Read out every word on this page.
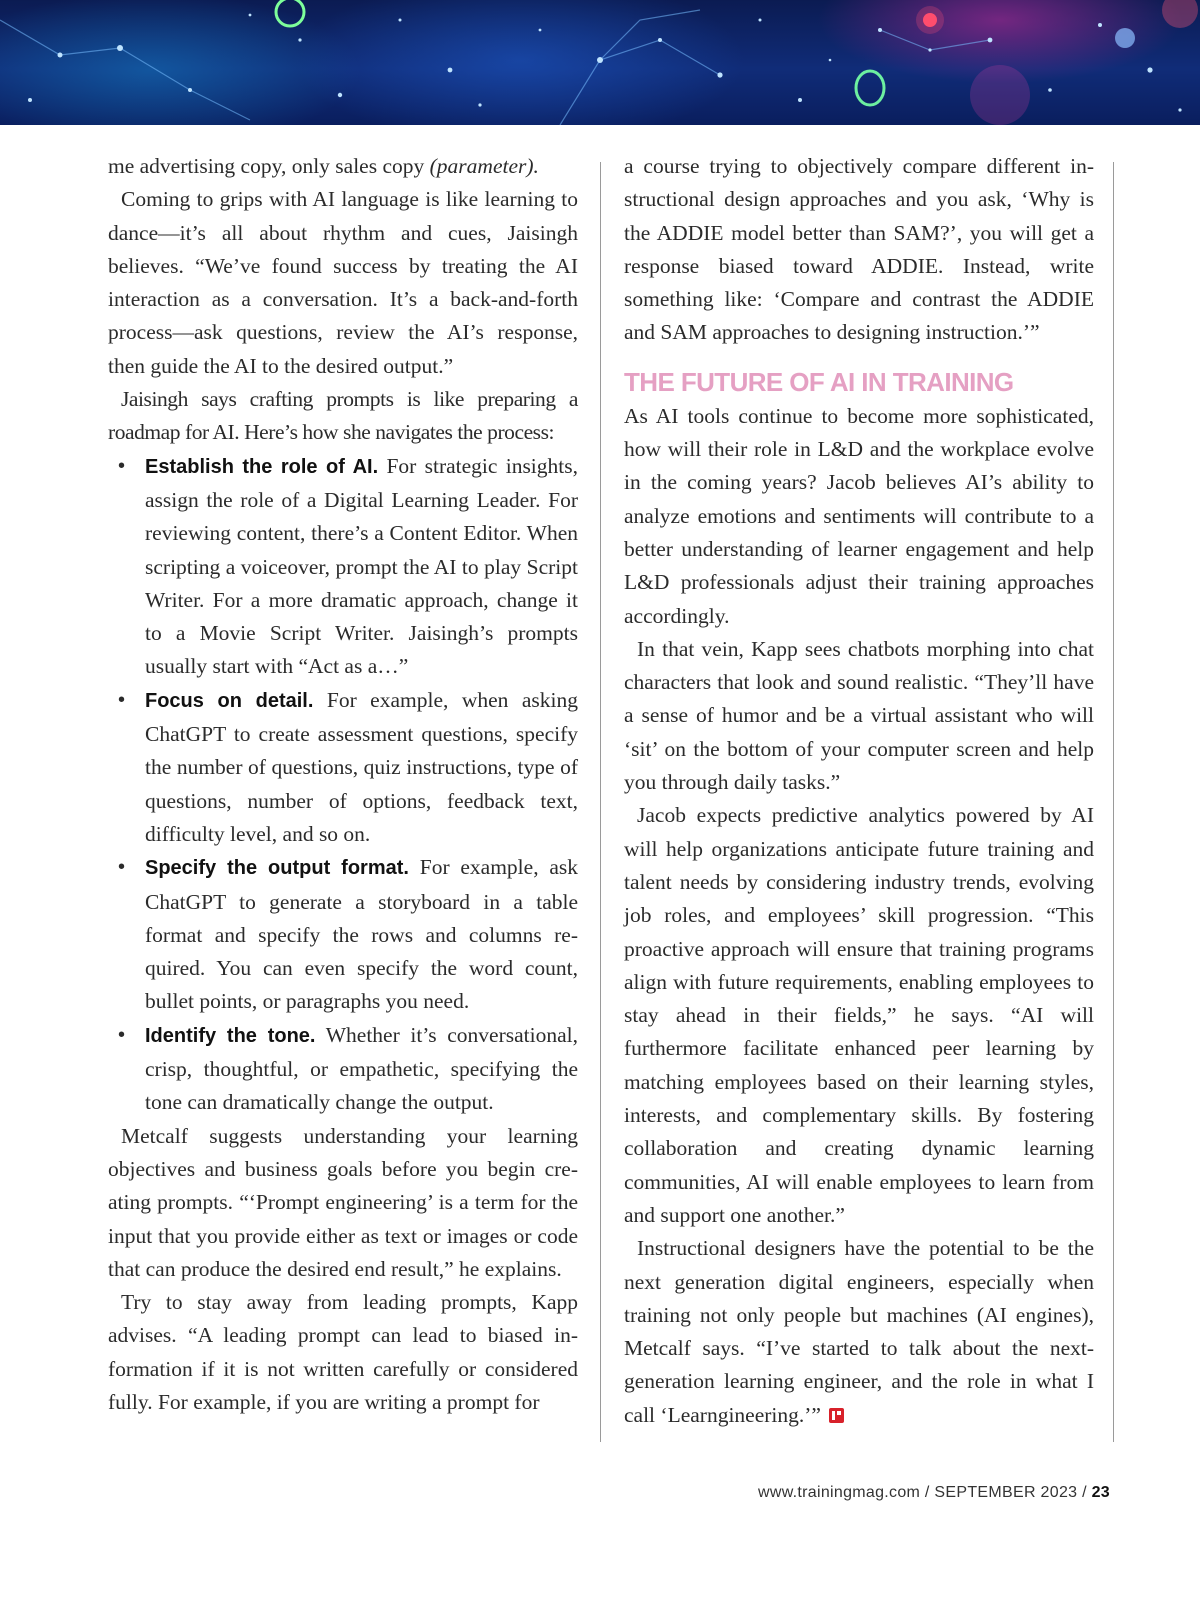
me advertising copy, only sales copy (parameter).

Coming to grips with AI language is like learning to dance—it’s all about rhythm and cues, Jaisingh believes. “We’ve found success by treating the AI interaction as a conversation. It’s a back-and-forth process—ask questions, review the AI’s response, then guide the AI to the desired output.”

Jaisingh says crafting prompts is like preparing a roadmap for AI. Here’s how she navigates the process:

• Establish the role of AI. For strategic insights, assign the role of a Digital Learning Leader. For reviewing content, there’s a Content Editor. When scripting a voiceover, prompt the AI to play Script Writer. For a more dramatic approach, change it to a Movie Script Writer. Jaisingh’s prompts usually start with “Act as a…”
• Focus on detail. For example, when asking ChatGPT to create assessment questions, specify the number of questions, quiz instructions, type of questions, number of options, feedback text, difficulty level, and so on.
• Specify the output format. For example, ask ChatGPT to generate a storyboard in a table format and specify the rows and columns required. You can even specify the word count, bullet points, or paragraphs you need.
• Identify the tone. Whether it’s conversational, crisp, thoughtful, or empathetic, specifying the tone can dramatically change the output.

Metcalf suggests understanding your learning objectives and business goals before you begin creating prompts. “‘Prompt engineering’ is a term for the input that you provide either as text or images or code that can produce the desired end result,” he explains.

Try to stay away from leading prompts, Kapp advises. “A leading prompt can lead to biased information if it is not written carefully or considered fully. For example, if you are writing a prompt for

a course trying to objectively compare different instructional design approaches and you ask, ‘Why is the ADDIE model better than SAM?’, you will get a response biased toward ADDIE. Instead, write something like: ‘Compare and contrast the ADDIE and SAM approaches to designing instruction.’”

THE FUTURE OF AI IN TRAINING

As AI tools continue to become more sophisticated, how will their role in L&D and the workplace evolve in the coming years? Jacob believes AI’s ability to analyze emotions and sentiments will contribute to a better understanding of learner engagement and help L&D professionals adjust their training approaches accordingly.

In that vein, Kapp sees chatbots morphing into chat characters that look and sound realistic. “They’ll have a sense of humor and be a virtual assistant who will ‘sit’ on the bottom of your computer screen and help you through daily tasks.”

Jacob expects predictive analytics powered by AI will help organizations anticipate future training and talent needs by considering industry trends, evolving job roles, and employees’ skill progression. “This proactive approach will ensure that training programs align with future requirements, enabling employees to stay ahead in their fields,” he says. “AI will furthermore facilitate enhanced peer learning by matching employees based on their learning styles, interests, and complementary skills. By fostering collaboration and creating dynamic learning communities, AI will enable employees to learn from and support one another.”

Instructional designers have the potential to be the next generation digital engineers, especially when training not only people but machines (AI engines), Metcalf says. “I’ve started to talk about the next-generation learning engineer, and the role in what I call ‘Learngineering.’”

www.trainingmag.com / SEPTEMBER 2023 / 23
